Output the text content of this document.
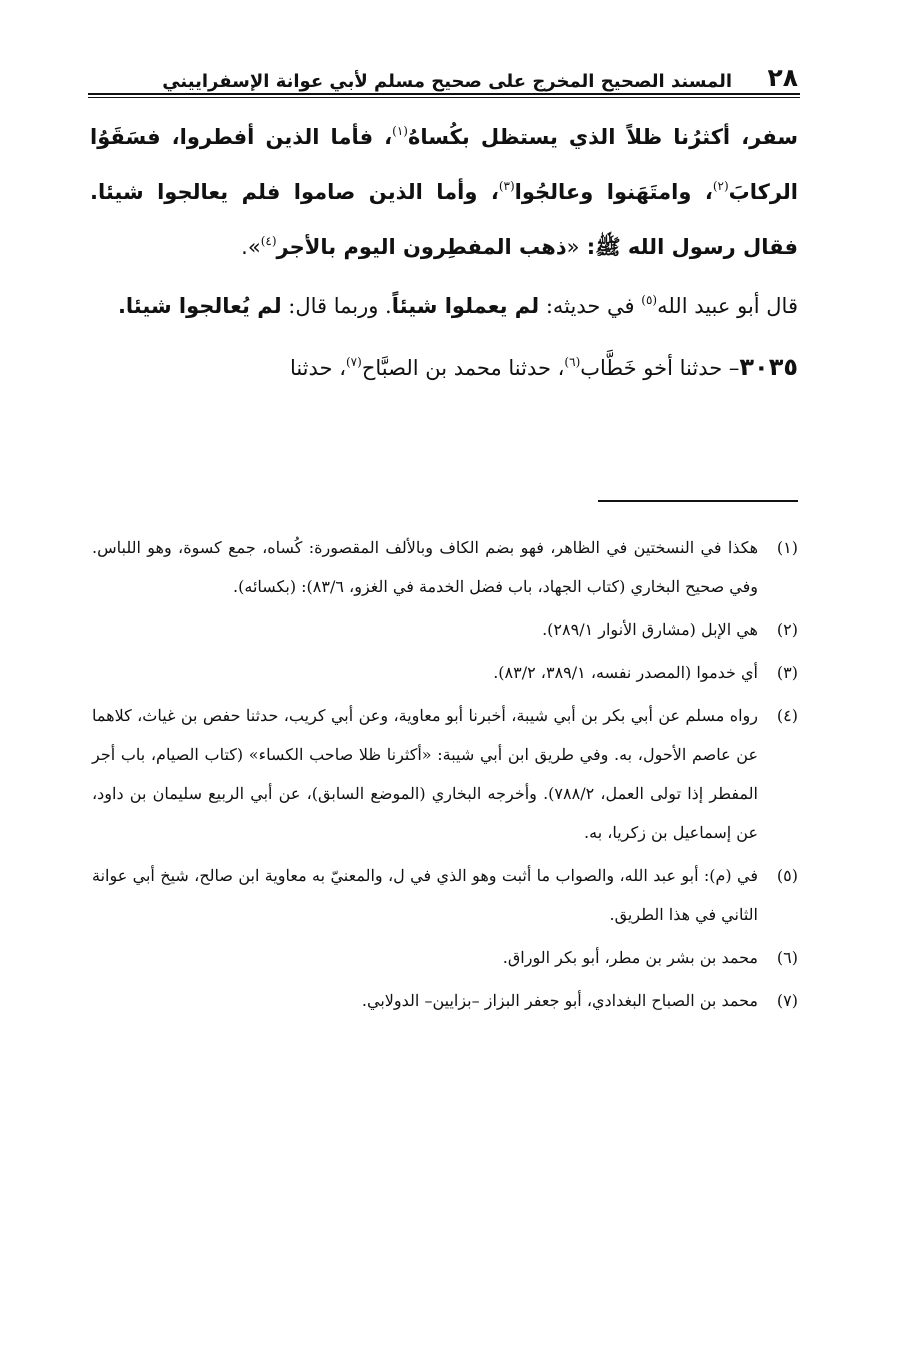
٢٨
المسند الصحيح المخرج على صحيح مسلم لأبي عوانة الإسفراييني

سفر، أكثرُنا ظلاً الذي يستظل بكُساهُ$^{(١)}$، فأما الذين أفطروا، فسَقَوُا الركابَ$^{(٢)}$، وامتَهَنوا وعالجُوا$^{(٣)}$، وأما الذين صاموا فلم يعالجوا شيئا. فقال رسول الله ﷺ: «ذهب المفطِرون اليوم بالأجر$^{(٤)}$».

قال أبو عبيد الله$^{(٥)}$ في حديثه: لم يعملوا شيئاً. وربما قال: لم يُعالجوا شيئا.

٣٠٣٥– حدثنا أخو خَطَّاب$^{(٦)}$، حدثنا محمد بن الصبَّاح$^{(٧)}$، حدثنا

(١)
هكذا في النسختين في الظاهر، فهو بضم الكاف وبالألف المقصورة: كُساه، جمع كسوة، وهو اللباس. وفي صحيح البخاري (كتاب الجهاد، باب فضل الخدمة في الغزو، ٨٣/٦): (بكسائه).
(٢)
هي الإبل (مشارق الأنوار ٢٨٩/١).
(٣)
أي خدموا (المصدر نفسه، ٣٨٩/١، ٨٣/٢).
(٤)
رواه مسلم عن أبي بكر بن أبي شيبة، أخبرنا أبو معاوية، وعن أبي كريب، حدثنا حفص بن غياث، كلاهما عن عاصم الأحول، به. وفي طريق ابن أبي شيبة: «أكثرنا ظلا صاحب الكساء» (كتاب الصيام، باب أجر المفطر إذا تولى العمل، ٧٨٨/٢). وأخرجه البخاري (الموضع السابق)، عن أبي الربيع سليمان بن داود، عن إسماعيل بن زكريا، به.
(٥)
في (م): أبو عبد الله، والصواب ما أثبت وهو الذي في ل، والمعنيّ به معاوية ابن صالح، شيخ أبي عوانة الثاني في هذا الطريق.
(٦)
محمد بن بشر بن مطر، أبو بكر الوراق.
(٧)
محمد بن الصباح البغدادي، أبو جعفر البزاز –بزايين– الدولابي.
